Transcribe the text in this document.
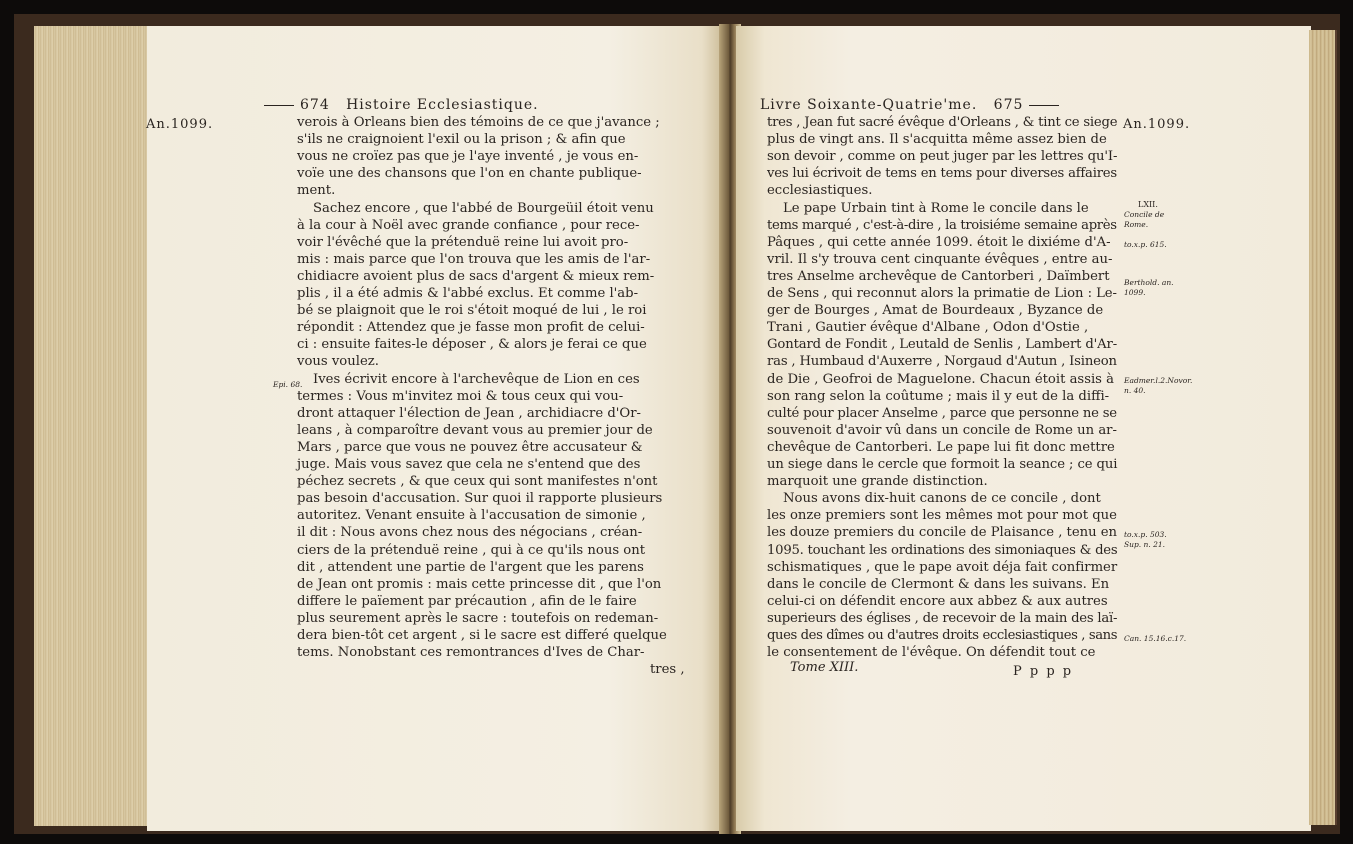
674 Histoire Ecclesiastique.
An.1099.
Epi. 68.
verois à Orleans bien des témoins de ce que j'avance ;
s'ils ne craignoient l'exil ou la prison ; & afin que
vous ne croïez pas que je l'aye inventé , je vous en-
voïe une des chansons que l'on en chante publique-
ment.
Sachez encore , que l'abbé de Bourgeüil étoit venu
à la cour à Noël avec grande confiance , pour rece-
voir l'évêché que la prétenduë reine lui avoit pro-
mis : mais parce que l'on trouva que les amis de l'ar-
chidiacre avoient plus de sacs d'argent & mieux rem-
plis , il a été admis & l'abbé exclus. Et comme l'ab-
bé se plaignoit que le roi s'étoit moqué de lui , le roi
répondit : Attendez que je fasse mon profit de celui-
ci : ensuite faites-le déposer , & alors je ferai ce que
vous voulez.
Ives écrivit encore à l'archevêque de Lion en ces
termes : Vous m'invitez moi & tous ceux qui vou-
dront attaquer l'élection de Jean , archidiacre d'Or-
leans , à comparoître devant vous au premier jour de
Mars , parce que vous ne pouvez être accusateur &
juge. Mais vous savez que cela ne s'entend que des
péchez secrets , & que ceux qui sont manifestes n'ont
pas besoin d'accusation. Sur quoi il rapporte plusieurs
autoritez. Venant ensuite à l'accusation de simonie ,
il dit : Nous avons chez nous des négocians , créan-
ciers de la prétenduë reine , qui à ce qu'ils nous ont
dit , attendent une partie de l'argent que les parens
de Jean ont promis : mais cette princesse dit , que l'on
differe le païement par précaution , afin de le faire
plus seurement après le sacre : toutefois on redeman-
dera bien-tôt cet argent , si le sacre est differé quelque
tems. Nonobstant ces remontrances d'Ives de Char-
tres ,
Livre Soixante-Quatrie'me. 675
An.1099.
LXII.
Concile de
Rome.
to.x.p. 615.
Berthold. an.
1099.
Eadmer.l.2.Novor.
n. 40.
to.x.p. 503.
Sup. n. 21.
Can. 15.16.c.17.
tres , Jean fut sacré évêque d'Orleans , & tint ce siege
plus de vingt ans. Il s'acquitta même assez bien de
son devoir , comme on peut juger par les lettres qu'I-
ves lui écrivoit de tems en tems pour diverses affaires
ecclesiastiques.
Le pape Urbain tint à Rome le concile dans le
tems marqué , c'est-à-dire , la troisiéme semaine après
Pâques , qui cette année 1099. étoit le dixiéme d'A-
vril. Il s'y trouva cent cinquante évêques , entre au-
tres Anselme archevêque de Cantorberi , Daïmbert
de Sens , qui reconnut alors la primatie de Lion : Le-
ger de Bourges , Amat de Bourdeaux , Byzance de
Trani , Gautier évêque d'Albane , Odon d'Ostie ,
Gontard de Fondit , Leutald de Senlis , Lambert d'Ar-
ras , Humbaud d'Auxerre , Norgaud d'Autun , Isineon
de Die , Geofroi de Maguelone. Chacun étoit assis à
son rang selon la coûtume ; mais il y eut de la diffi-
culté pour placer Anselme , parce que personne ne se
souvenoit d'avoir vû dans un concile de Rome un ar-
chevêque de Cantorberi. Le pape lui fit donc mettre
un siege dans le cercle que formoit la seance ; ce qui
marquoit une grande distinction.
Nous avons dix-huit canons de ce concile , dont
les onze premiers sont les mêmes mot pour mot que
les douze premiers du concile de Plaisance , tenu en
1095. touchant les ordinations des simoniaques & des
schismatiques , que le pape avoit déja fait confirmer
dans le concile de Clermont & dans les suivans. En
celui-ci on défendit encore aux abbez & aux autres
superieurs des églises , de recevoir de la main des laï-
ques des dîmes ou d'autres droits ecclesiastiques , sans
le consentement de l'évêque. On défendit tout ce
Tome XIII.	P p p p
